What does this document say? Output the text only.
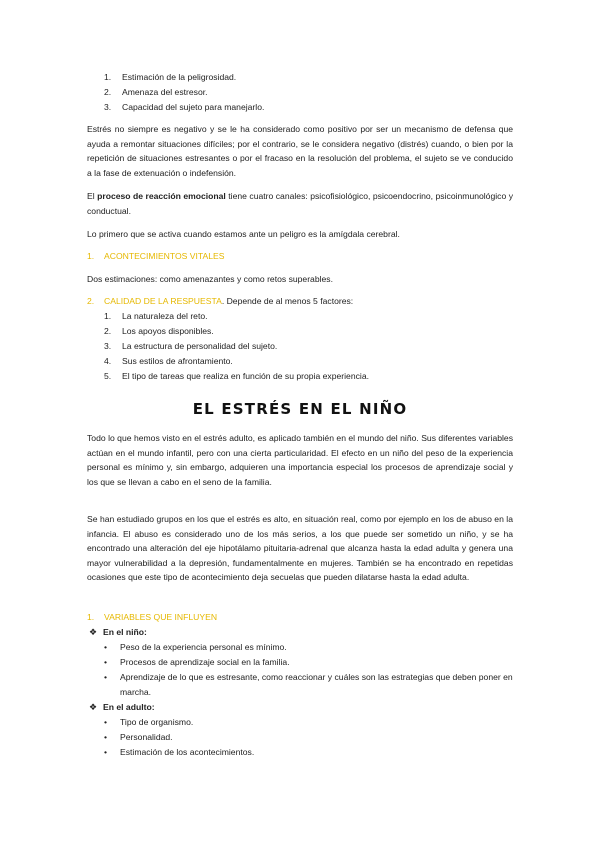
1. Estimación de la peligrosidad.
2. Amenaza del estresor.
3. Capacidad del sujeto para manejarlo.

Estrés no siempre es negativo y se le ha considerado como positivo por ser un mecanismo de defensa que ayuda a remontar situaciones difíciles; por el contrario, se le considera negativo (distrés) cuando, o bien por la repetición de situaciones estresantes o por el fracaso en la resolución del problema, el sujeto se ve conducido a la fase de extenuación o indefensión.

El proceso de reacción emocional tiene cuatro canales: psicofisiológico, psicoendocrino, psicoinmunológico y conductual.

Lo primero que se activa cuando estamos ante un peligro es la amígdala cerebral.

1. ACONTECIMIENTOS VITALES

Dos estimaciones: como amenazantes y como retos superables.

2. CALIDAD DE LA RESPUESTA. Depende de al menos 5 factores:
1. La naturaleza del reto.
2. Los apoyos disponibles.
3. La estructura de personalidad del sujeto.
4. Sus estilos de afrontamiento.
5. El tipo de tareas que realiza en función de su propia experiencia.
EL ESTRÉS EN EL NIÑO

Todo lo que hemos visto en el estrés adulto, es aplicado también en el mundo del niño. Sus diferentes variables actúan en el mundo infantil, pero con una cierta particularidad. El efecto en un niño del peso de la experiencia personal es mínimo y, sin embargo, adquieren una importancia especial los procesos de aprendizaje social y los que se llevan a cabo en el seno de la familia.

Se han estudiado grupos en los que el estrés es alto, en situación real, como por ejemplo en los de abuso en la infancia. El abuso es considerado uno de los más serios, a los que puede ser sometido un niño, y se ha encontrado una alteración del eje hipotálamo pituitaria-adrenal que alcanza hasta la edad adulta y genera una mayor vulnerabilidad a la depresión, fundamentalmente en mujeres. También se ha encontrado en repetidas ocasiones que este tipo de acontecimiento deja secuelas que pueden dilatarse hasta la edad adulta.

1. VARIABLES QUE INFLUYEN
❖ En el niño:
• Peso de la experiencia personal es mínimo.
• Procesos de aprendizaje social en la familia.
• Aprendizaje de lo que es estresante, como reaccionar y cuáles son las estrategias que deben poner en marcha.
❖ En el adulto:
• Tipo de organismo.
• Personalidad.
• Estimación de los acontecimientos.
